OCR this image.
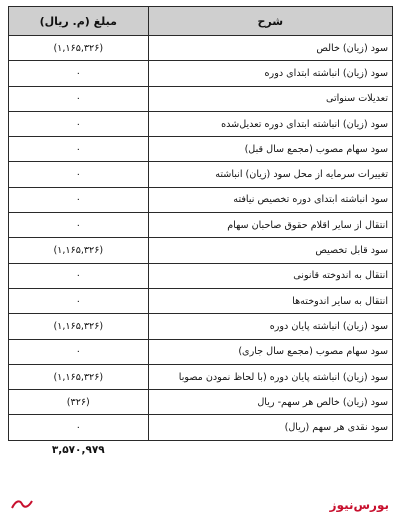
شرح	مبلغ (م. ریال)
سود (زیان) خالص	(۱,۱۶۵,۳۲۶)
سود (زیان) انباشته ابتدای دوره	۰
تعدیلات سنواتی	۰
سود (زیان) انباشته ابتدای دوره تعدیل‌شده	۰
سود سهام مصوب (مجمع سال قبل)	۰
تغییرات سرمایه از محل سود (زیان) انباشته	۰
سود انباشته ابتدای دوره تخصیص نیافته	۰
انتقال از سایر اقلام حقوق صاحبان سهام	۰
سود قابل تخصیص	(۱,۱۶۵,۳۲۶)
انتقال به اندوخته قانونی	۰
انتقال به سایر اندوخته‌ها	۰
سود (زیان) انباشته پایان دوره	(۱,۱۶۵,۳۲۶)
سود سهام مصوب (مجمع سال جاری)	۰
سود (زیان) انباشته پایان دوره (با لحاظ نمودن مصوبا	(۱,۱۶۵,۳۲۶)
سود (زیان) خالص هر سهم- ریال	(۳۲۶)
سود نقدی هر سهم (ریال)	۰
	۳,۵۷۰,۹۷۹
بورس‌نیوز
